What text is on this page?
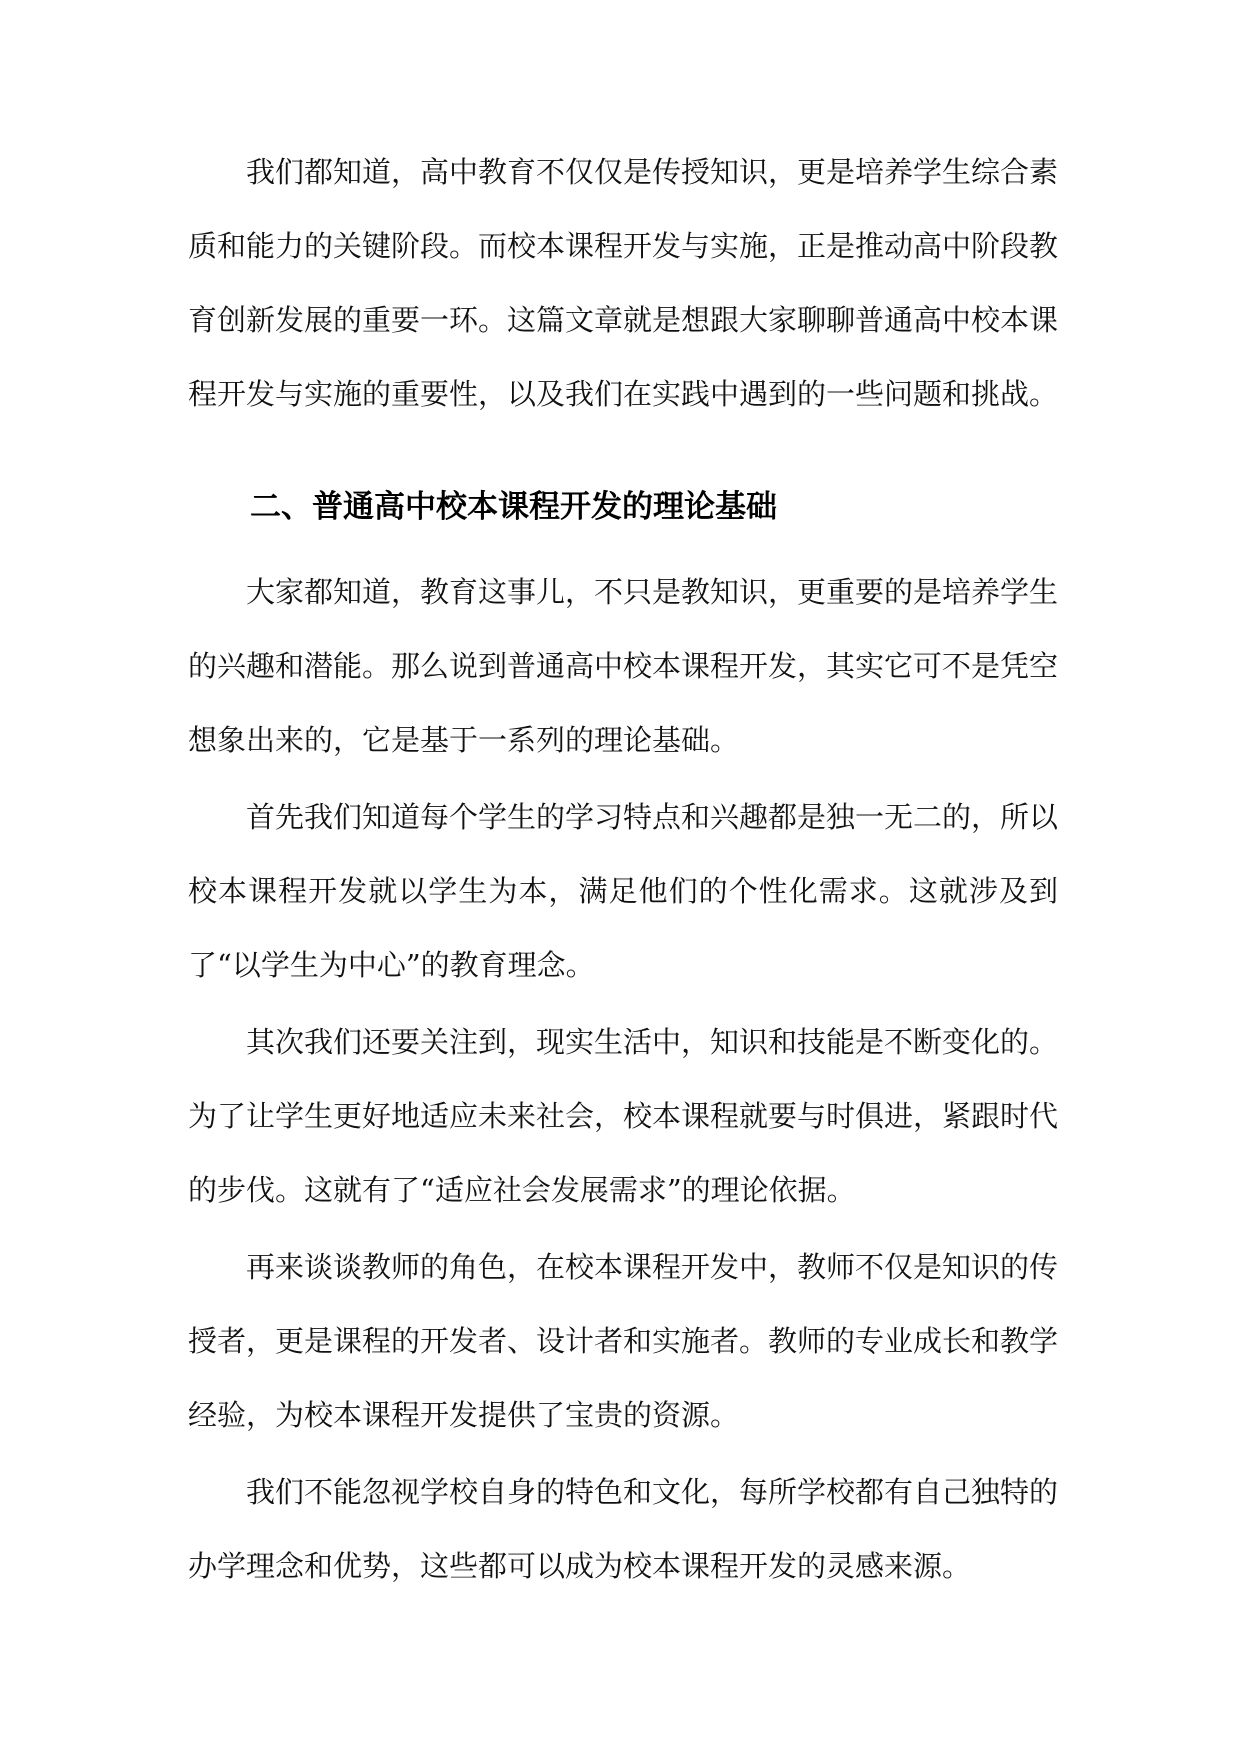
我们都知道，高中教育不仅仅是传授知识，更是培养学生综合素质和能力的关键阶段。而校本课程开发与实施，正是推动高中阶段教育创新发展的重要一环。这篇文章就是想跟大家聊聊普通高中校本课程开发与实施的重要性，以及我们在实践中遇到的一些问题和挑战。

二、普通高中校本课程开发的理论基础

大家都知道，教育这事儿，不只是教知识，更重要的是培养学生的兴趣和潜能。那么说到普通高中校本课程开发，其实它可不是凭空想象出来的，它是基于一系列的理论基础。

首先我们知道每个学生的学习特点和兴趣都是独一无二的，所以校本课程开发就以学生为本，满足他们的个性化需求。这就涉及到了“以学生为中心”的教育理念。

其次我们还要关注到，现实生活中，知识和技能是不断变化的。为了让学生更好地适应未来社会，校本课程就要与时俱进，紧跟时代的步伐。这就有了“适应社会发展需求”的理论依据。

再来谈谈教师的角色，在校本课程开发中，教师不仅是知识的传授者，更是课程的开发者、设计者和实施者。教师的专业成长和教学经验，为校本课程开发提供了宝贵的资源。

我们不能忽视学校自身的特色和文化，每所学校都有自己独特的办学理念和优势，这些都可以成为校本课程开发的灵感来源。
